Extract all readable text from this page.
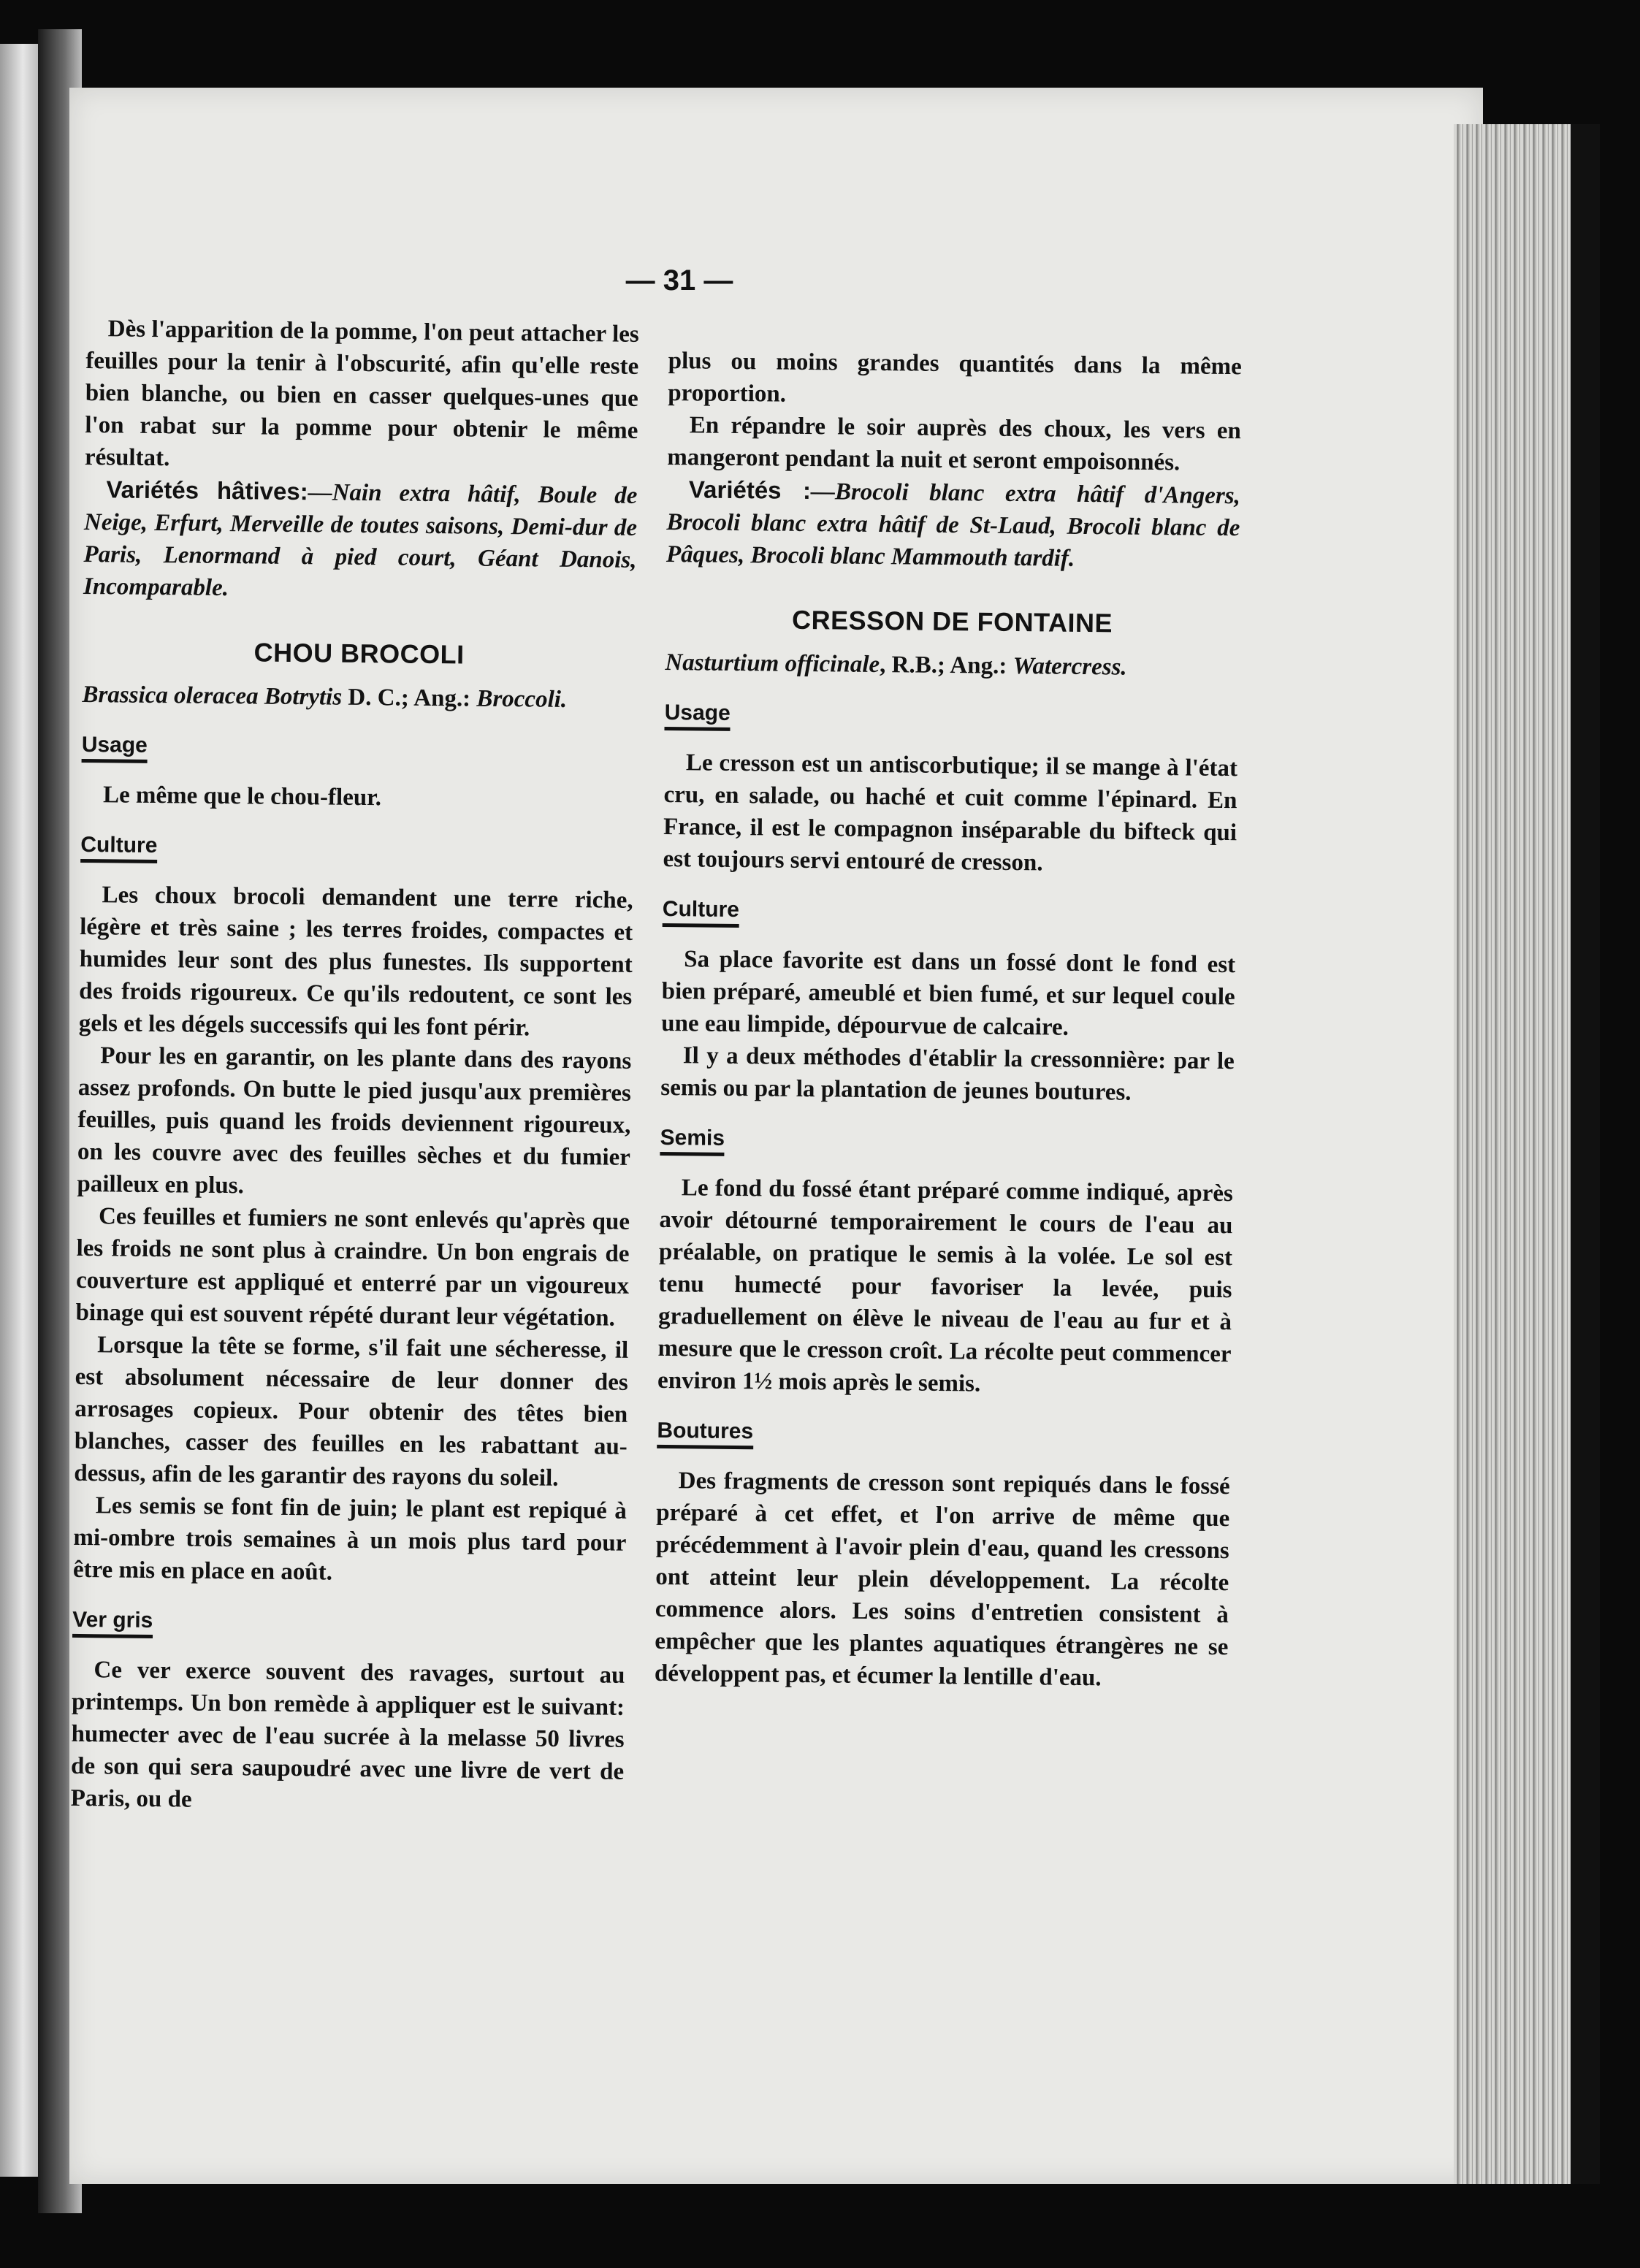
— 31 —

Dès l'apparition de la pomme, l'on peut attacher les feuilles pour la tenir à l'obscurité, afin qu'elle reste bien blanche, ou bien en casser quelques-unes que l'on rabat sur la pomme pour obtenir le même résultat.

Variétés hâtives:—Nain extra hâtif, Boule de Neige, Erfurt, Merveille de toutes saisons, Demi-dur de Paris, Lenormand à pied court, Géant Danois, Incomparable.

CHOU BROCOLI

Brassica oleracea Botrytis D. C.; Ang.: Broccoli.

Usage

Le même que le chou-fleur.

Culture

Les choux brocoli demandent une terre riche, légère et très saine ; les terres froides, compactes et humides leur sont des plus funestes. Ils supportent des froids rigoureux. Ce qu'ils redoutent, ce sont les gels et les dégels successifs qui les font périr.

Pour les en garantir, on les plante dans des rayons assez profonds. On butte le pied jusqu'aux premières feuilles, puis quand les froids deviennent rigoureux, on les couvre avec des feuilles sèches et du fumier pailleux en plus.

Ces feuilles et fumiers ne sont enlevés qu'après que les froids ne sont plus à craindre. Un bon engrais de couverture est appliqué et enterré par un vigoureux binage qui est souvent répété durant leur végétation.

Lorsque la tête se forme, s'il fait une sécheresse, il est absolument nécessaire de leur donner des arrosages copieux. Pour obtenir des têtes bien blanches, casser des feuilles en les rabattant au-dessus, afin de les garantir des rayons du soleil.

Les semis se font fin de juin; le plant est repiqué à mi-ombre trois semaines à un mois plus tard pour être mis en place en août.

Ver gris

Ce ver exerce souvent des ravages, surtout au printemps. Un bon remède à appliquer est le suivant: humecter avec de l'eau sucrée à la melasse 50 livres de son qui sera saupoudré avec une livre de vert de Paris, ou de

plus ou moins grandes quantités dans la même proportion.

En répandre le soir auprès des choux, les vers en mangeront pendant la nuit et seront empoisonnés.

Variétés :—Brocoli blanc extra hâtif d'Angers, Brocoli blanc extra hâtif de St-Laud, Brocoli blanc de Pâques, Brocoli blanc Mammouth tardif.

CRESSON DE FONTAINE

Nasturtium officinale, R.B.; Ang.: Watercress.

Usage

Le cresson est un antiscorbutique; il se mange à l'état cru, en salade, ou haché et cuit comme l'épinard. En France, il est le compagnon inséparable du bifteck qui est toujours servi entouré de cresson.

Culture

Sa place favorite est dans un fossé dont le fond est bien préparé, ameublé et bien fumé, et sur lequel coule une eau limpide, dépourvue de calcaire.

Il y a deux méthodes d'établir la cressonnière: par le semis ou par la plantation de jeunes boutures.

Semis

Le fond du fossé étant préparé comme indiqué, après avoir détourné temporairement le cours de l'eau au préalable, on pratique le semis à la volée. Le sol est tenu humecté pour favoriser la levée, puis graduellement on élève le niveau de l'eau au fur et à mesure que le cresson croît. La récolte peut commencer environ 1½ mois après le semis.

Boutures

Des fragments de cresson sont repiqués dans le fossé préparé à cet effet, et l'on arrive de même que précédemment à l'avoir plein d'eau, quand les cressons ont atteint leur plein développement. La récolte commence alors. Les soins d'entretien consistent à empêcher que les plantes aquatiques étrangères ne se développent pas, et écumer la lentille d'eau.
